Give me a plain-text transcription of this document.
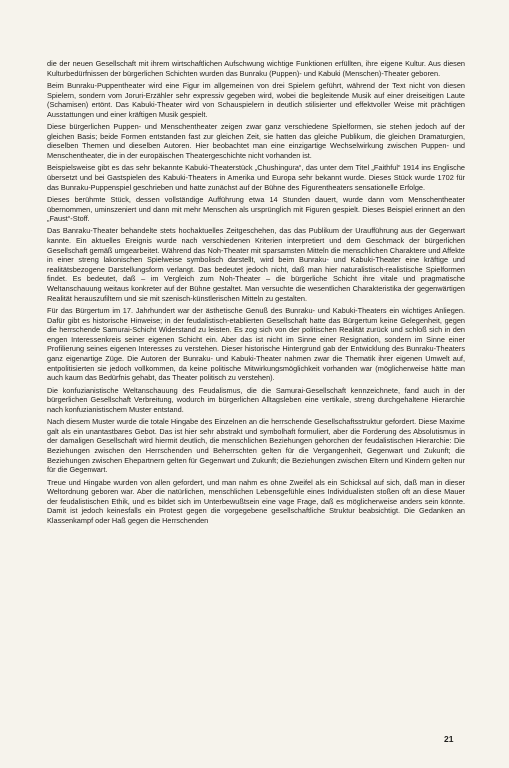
die der neuen Gesellschaft mit ihrem wirtschaftlichen Aufschwung wichtige Funktionen erfüllten, ihre eigene Kultur. Aus diesen Kulturbedürfnissen der bürgerlichen Schichten wurden das Bunraku (Puppen)- und Kabuki (Menschen)-Theater geboren.

Beim Bunraku-Puppentheater wird eine Figur im allgemeinen von drei Spielern geführt, während der Text nicht von diesen Spielern, sondern vom Joruri-Erzähler sehr expressiv gegeben wird, wobei die begleitende Musik auf einer dreiseitigen Laute (Schamisen) ertönt. Das Kabuki-Theater wird von Schauspielern in deutlich stilisierter und effektvoller Weise mit prächtigen Ausstattungen und einer kräftigen Musik gespielt.

Diese bürgerlichen Puppen- und Menschentheater zeigen zwar ganz verschiedene Spielformen, sie stehen jedoch auf der gleichen Basis; beide Formen entstanden fast zur gleichen Zeit, sie hatten das gleiche Publikum, die gleichen Dramaturgien, dieselben Themen und dieselben Autoren. Hier beobachtet man eine einzigartige Wechselwirkung zwischen Puppen- und Menschentheater, die in der europäischen Theatergeschichte nicht vorhanden ist.

Beispielsweise gibt es das sehr bekannte Kabuki-Theaterstück „Chushingura“, das unter dem Titel „Faithful“ 1914 ins Englische übersetzt und bei Gastspielen des Kabuki-Theaters in Amerika und Europa sehr bekannt wurde. Dieses Stück wurde 1702 für das Bunraku-Puppenspiel geschrieben und hatte zunächst auf der Bühne des Figurentheaters sensationelle Erfolge.

Dieses berühmte Stück, dessen vollständige Aufführung etwa 14 Stunden dauert, wurde dann vom Menschentheater übernommen, uminszeniert und dann mit mehr Menschen als ursprünglich mit Figuren gespielt. Dieses Beispiel erinnert an den „Faust“-Stoff.

Das Banraku-Theater behandelte stets hochaktuelles Zeitgeschehen, das das Publikum der Uraufführung aus der Gegenwart kannte. Ein aktuelles Ereignis wurde nach verschiedenen Kriterien interpretiert und dem Geschmack der bürgerlichen Gesellschaft gemäß umgearbeitet. Während das Noh-Theater mit sparsamsten Mitteln die menschlichen Charaktere und Affekte in einer streng lakonischen Spielweise symbolisch darstellt, wird beim Bunraku- und Kabuki-Theater eine kräftige und realitätsbezogene Darstellungsform verlangt. Das bedeutet jedoch nicht, daß man hier naturalistisch-realistische Spielformen findet. Es bedeutet, daß – im Vergleich zum Noh-Theater – die bürgerliche Schicht ihre vitale und pragmatische Weltanschauung weitaus konkreter auf der Bühne gestaltet. Man versuchte die wesentlichen Charakteristika der gegenwärtigen Realität herauszufiltern und sie mit szenisch-künstlerischen Mitteln zu gestalten.

Für das Bürgertum im 17. Jahrhundert war der ästhetische Genuß des Bunraku- und Kabuki-Theaters ein wichtiges Anliegen. Dafür gibt es historische Hinweise; in der feudalistisch-etablierten Gesellschaft hatte das Bürgertum keine Gelegenheit, gegen die herrschende Samurai-Schicht Widerstand zu leisten. Es zog sich von der politischen Realität zurück und schloß sich in den engen Interessenkreis seiner eigenen Schicht ein. Aber das ist nicht im Sinne einer Resignation, sondern im Sinne einer Profilierung seines eigenen Interesses zu verstehen. Dieser historische Hintergrund gab der Entwicklung des Bunraku-Theaters ganz eigenartige Züge. Die Autoren der Bunraku- und Kabuki-Theater nahmen zwar die Thematik ihrer eigenen Umwelt auf, entpolitisierten sie jedoch vollkommen, da keine politische Mitwirkungsmöglichkeit vorhanden war (möglicherweise hätte man auch kaum das Bedürfnis gehabt, das Theater politisch zu verstehen).

Die konfuzianistische Weltanschauung des Feudalismus, die die Samurai-Gesellschaft kennzeichnete, fand auch in der bürgerlichen Gesellschaft Verbreitung, wodurch im bürgerlichen Alltagsleben eine vertikale, streng durchgehaltene Hierarchie nach konfuzianistischem Muster entstand.

Nach diesem Muster wurde die totale Hingabe des Einzelnen an die herrschende Gesellschaftsstruktur gefordert. Diese Maxime galt als ein unantastbares Gebot. Das ist hier sehr abstrakt und symbolhaft formuliert, aber die Forderung des Absolutismus in der damaligen Gesellschaft wird hiermit deutlich, die menschlichen Beziehungen gehorchen der feudalistischen Hierarchie: Die Beziehungen zwischen den Herrschenden und Beherrschten gelten für die Vergangenheit, Gegenwart und Zukunft; die Beziehungen zwischen Ehepartnern gelten für Gegenwart und Zukunft; die Beziehungen zwischen Eltern und Kindern gelten nur für die Gegenwart.

Treue und Hingabe wurden von allen gefordert, und man nahm es ohne Zweifel als ein Schicksal auf sich, daß man in dieser Weltordnung geboren war. Aber die natürlichen, menschlichen Lebensgefühle eines Individualisten stoßen oft an diese Mauer der feudalistischen Ethik, und es bildet sich im Unterbewußtsein eine vage Frage, daß es möglicherweise anders sein könnte. Damit ist jedoch keinesfalls ein Protest gegen die vorgegebene gesellschaftliche Struktur beabsichtigt. Die Gedanken an Klassenkampf oder Haß gegen die Herrschenden

21
